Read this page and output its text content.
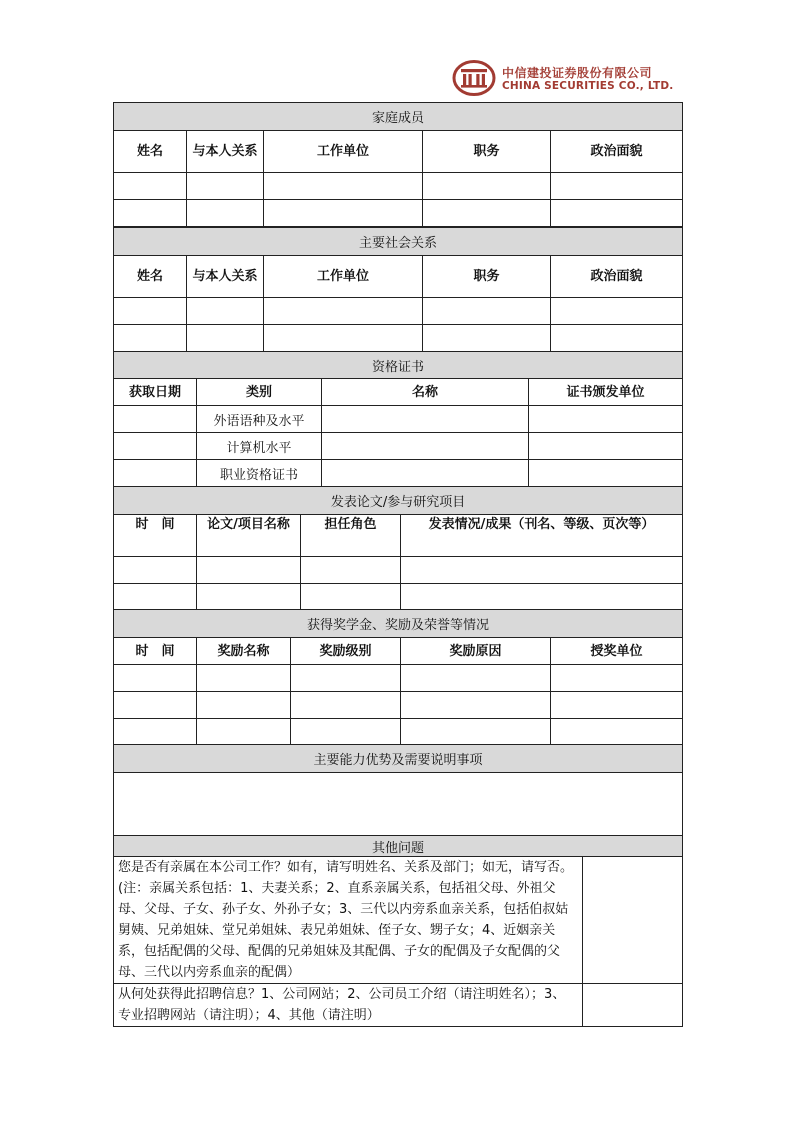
中信建投证券股份有限公司
CHINA SECURITIES CO., LTD.
家庭成员				
姓名	与本人关系	工作单位	职务	政治面貌

主要社会关系				
姓名	与本人关系	工作单位	职务	政治面貌

资格证书			
获取日期	类别	名称	证书颁发单位
	外语语种及水平		
	计算机水平		
	职业资格证书		
发表论文/参与研究项目			
时　间	论文/项目名称	担任角色	发表情况/成果（刊名、等级、页次等）

获得奖学金、奖励及荣誉等情况				
时　间	奖励名称	奖励级别	奖励原因	授奖单位

主要能力优势及需要说明事项

其他问题	
您是否有亲属在本公司工作？如有，请写明姓名、关系及部门；如无，请写否。(注：亲属关系包括：1、夫妻关系；2、直系亲属关系，包括祖父母、外祖父母、父母、子女、孙子女、外孙子女；3、三代以内旁系血亲关系，包括伯叔姑舅姨、兄弟姐妹、堂兄弟姐妹、表兄弟姐妹、侄子女、甥子女；4、近姻亲关系，包括配偶的父母、配偶的兄弟姐妹及其配偶、子女的配偶及子女配偶的父母、三代以内旁系血亲的配偶）	
从何处获得此招聘信息？1、公司网站；2、公司员工介绍（请注明姓名）；3、专业招聘网站（请注明）；4、其他（请注明）	
